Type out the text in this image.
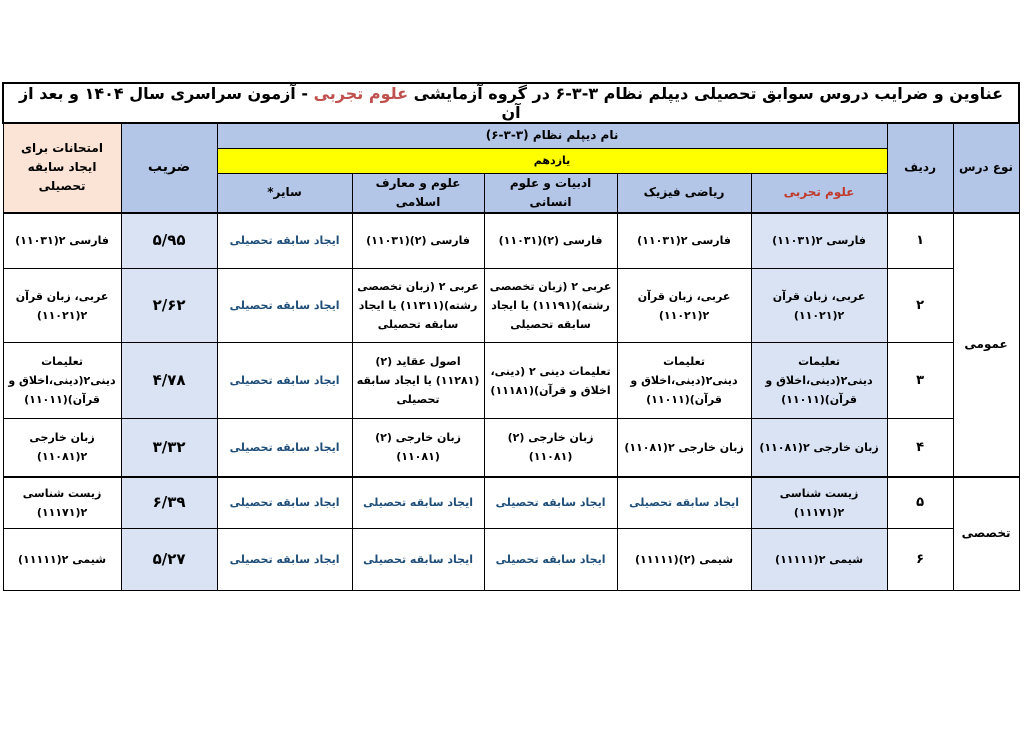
عناوین و ضرایب دروس سوابق تحصیلی دیپلم نظام ۳-۳-۶ در گروه آزمایشی علوم تجربی - آزمون سراسری سال ۱۴۰۴ و بعد از آن								
نوع درس	ردیف	نام دیپلم نظام (۳-۳-۶)					ضریب	امتحانات برای ایجاد سابقه تحصیلی
		یازدهم						
		علوم تجربی	ریاضی فیزیک	ادبیات و علوم انسانی	علوم و معارف اسلامی	سایر*		
عمومی	۱	فارسی ۲(۱۱۰۳۱)	فارسی ۲(۱۱۰۳۱)	فارسی (۲)(۱۱۰۳۱)	فارسی (۲)(۱۱۰۳۱)	ایجاد سابقه تحصیلی	۵/۹۵	فارسی ۲(۱۱۰۳۱)
	۲	عربی، زبان قرآن ۲(۱۱۰۲۱)	عربی، زبان قرآن ۲(۱۱۰۲۱)	عربی ۲ (زبان تخصصی رشته)(۱۱۱۹۱) یا ایجاد سابقه تحصیلی	عربی ۲ (زبان تخصصی رشته)(۱۱۳۱۱) یا ایجاد سابقه تحصیلی	ایجاد سابقه تحصیلی	۲/۶۲	عربی، زبان قرآن ۲(۱۱۰۲۱)
	۳	تعلیمات دینی۲(دینی،اخلاق و قرآن)(۱۱۰۱۱)	تعلیمات دینی۲(دینی،اخلاق و قرآن)(۱۱۰۱۱)	تعلیمات دینی ۲ (دینی، اخلاق و قرآن)(۱۱۱۸۱)	اصول عقاید (۲)(۱۱۲۸۱) یا ایجاد سابقه تحصیلی	ایجاد سابقه تحصیلی	۴/۷۸	تعلیمات دینی۲(دینی،اخلاق و قرآن)(۱۱۰۱۱)
	۴	زبان خارجی ۲(۱۱۰۸۱)	زبان خارجی ۲(۱۱۰۸۱)	زبان خارجی (۲)(۱۱۰۸۱)	زبان خارجی (۲)(۱۱۰۸۱)	ایجاد سابقه تحصیلی	۳/۳۲	زبان خارجی ۲(۱۱۰۸۱)
تخصصی	۵	زیست شناسی ۲(۱۱۱۷۱)	ایجاد سابقه تحصیلی	ایجاد سابقه تحصیلی	ایجاد سابقه تحصیلی	ایجاد سابقه تحصیلی	۶/۳۹	زیست شناسی ۲(۱۱۱۷۱)
	۶	شیمی ۲(۱۱۱۱۱)	شیمی (۲)(۱۱۱۱۱)	ایجاد سابقه تحصیلی	ایجاد سابقه تحصیلی	ایجاد سابقه تحصیلی	۵/۲۷	شیمی ۲(۱۱۱۱۱)
